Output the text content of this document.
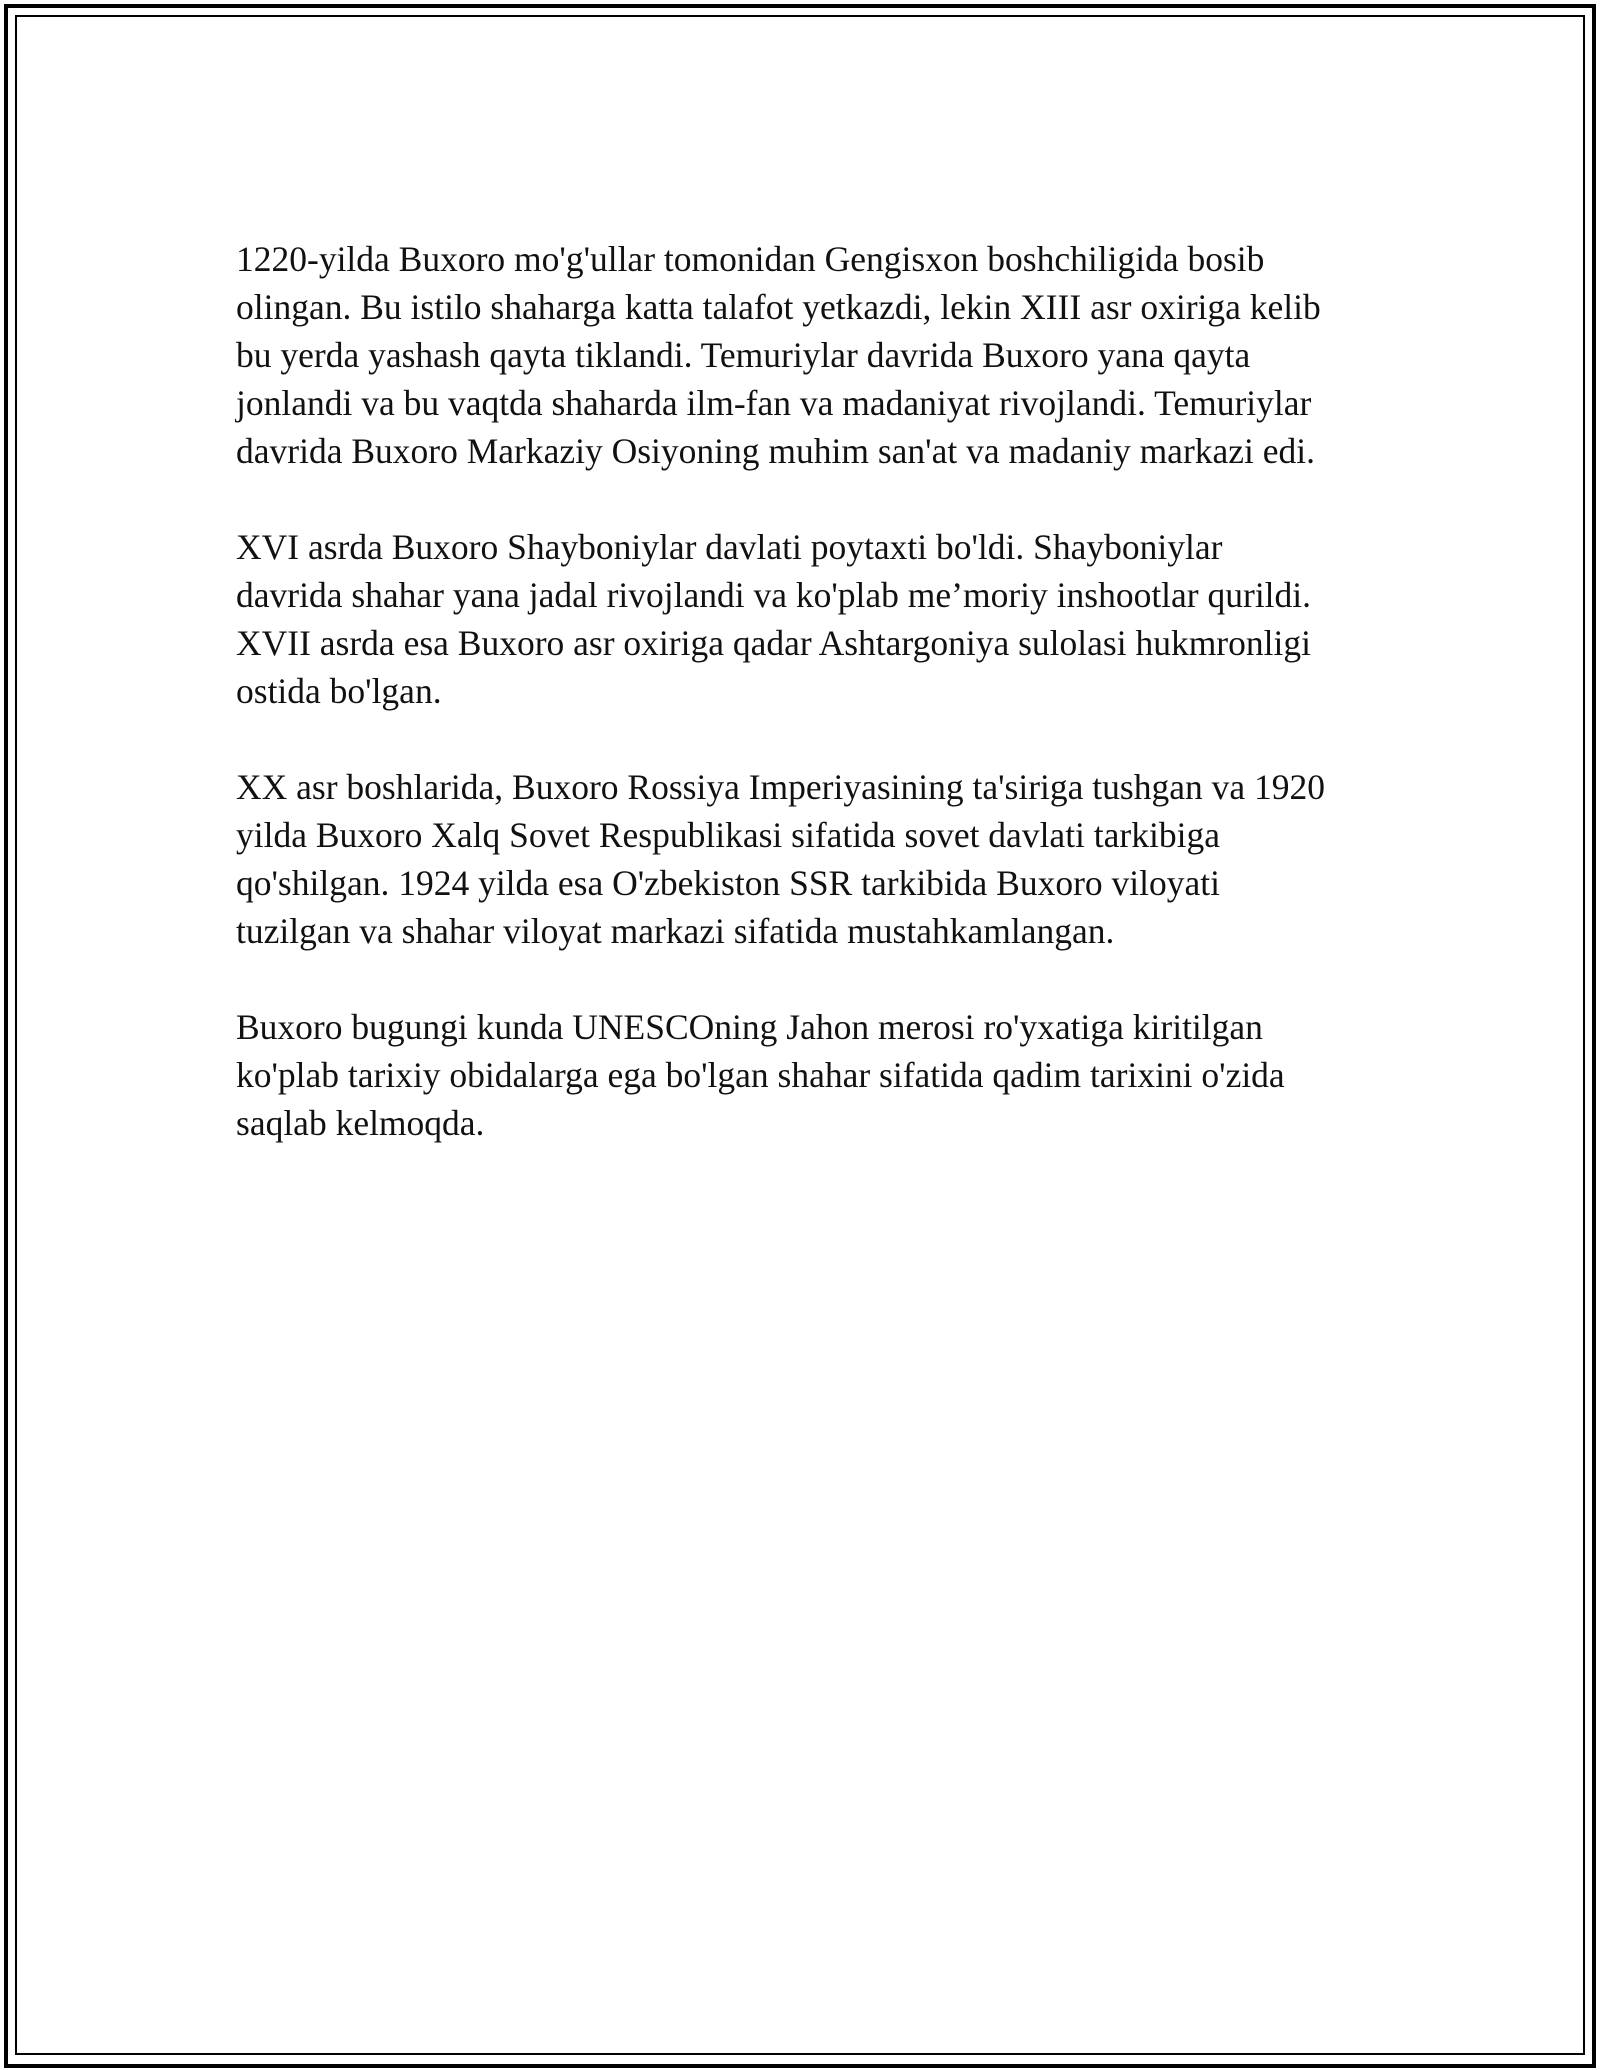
1220-yilda Buxoro mo'g'ullar tomonidan Gengisxon boshchiligida bosib
olingan. Bu istilo shaharga katta talafot yetkazdi, lekin XIII asr oxiriga kelib
bu yerda yashash qayta tiklandi. Temuriylar davrida Buxoro yana qayta
jonlandi va bu vaqtda shaharda ilm-fan va madaniyat rivojlandi. Temuriylar
davrida Buxoro Markaziy Osiyoning muhim san'at va madaniy markazi edi.

XVI asrda Buxoro Shayboniylar davlati poytaxti bo'ldi. Shayboniylar
davrida shahar yana jadal rivojlandi va ko'plab me’moriy inshootlar qurildi.
XVII asrda esa Buxoro asr oxiriga qadar Ashtargoniya sulolasi hukmronligi
ostida bo'lgan.

XX asr boshlarida, Buxoro Rossiya Imperiyasining ta'siriga tushgan va 1920
yilda Buxoro Xalq Sovet Respublikasi sifatida sovet davlati tarkibiga
qo'shilgan. 1924 yilda esa O'zbekiston SSR tarkibida Buxoro viloyati
tuzilgan va shahar viloyat markazi sifatida mustahkamlangan.

Buxoro bugungi kunda UNESCOning Jahon merosi ro'yxatiga kiritilgan
ko'plab tarixiy obidalarga ega bo'lgan shahar sifatida qadim tarixini o'zida
saqlab kelmoqda.
